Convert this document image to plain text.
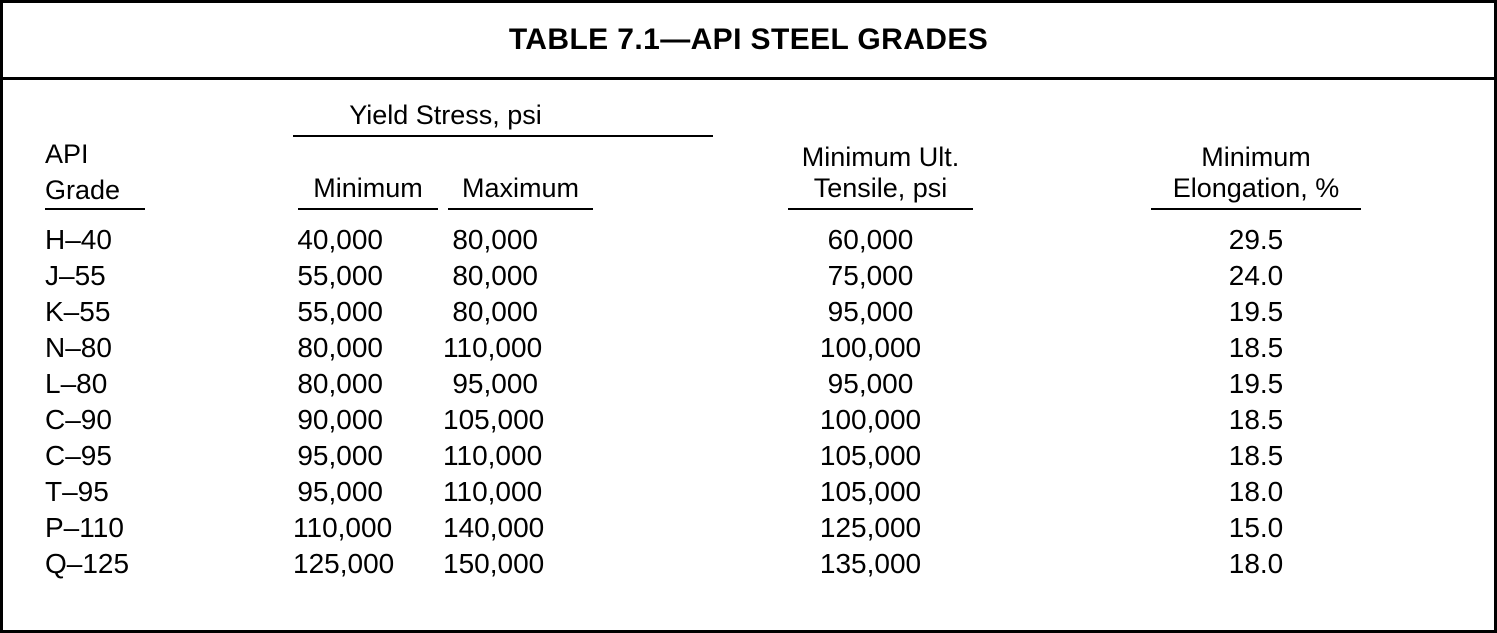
TABLE 7.1—API STEEL GRADES

	Yield Stress, psi				

API
Grade	Minimum	Maximum

Minimum Ult.
Tensile, psi

Minimum
Elongation, %

H–40	40,000	80,000		60,000	29.5
J–55	55,000	80,000		75,000	24.0
K–55	55,000	80,000		95,000	19.5
N–80	80,000	110,000		100,000	18.5
L–80	80,000	95,000		95,000	19.5
C–90	90,000	105,000		100,000	18.5
C–95	95,000	110,000		105,000	18.5
T–95	95,000	110,000		105,000	18.0
P–110	110,000	140,000		125,000	15.0
Q–125	125,000	150,000		135,000	18.0
